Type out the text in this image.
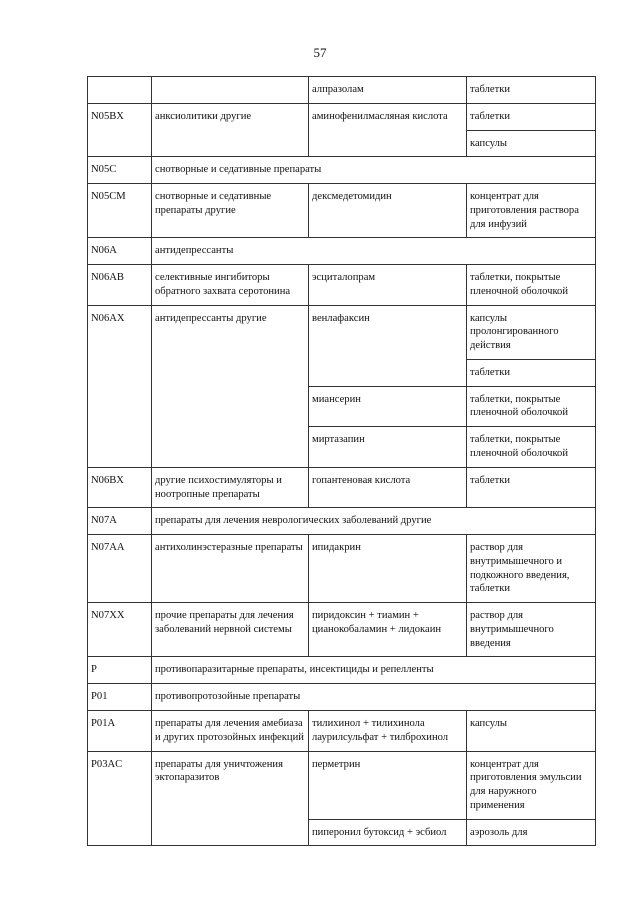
57
		алпразолам	таблетки
N05BX	анксиолитики другие	аминофенилмасляная кислота	таблетки
			капсулы
N05C	снотворные и седативные препараты		
N05CM	снотворные и седативные препараты другие	дексмедетомидин	концентрат для приготовления раствора для инфузий
N06A	антидепрессанты		
N06AB	селективные ингибиторы обратного захвата серотонина	эсциталопрам	таблетки, покрытые пленочной оболочкой
N06AX	антидепрессанты другие	венлафаксин	капсулы пролонгированного действия
			таблетки
		миансерин	таблетки, покрытые пленочной оболочкой
		миртазапин	таблетки, покрытые пленочной оболочкой
N06BX	другие психостимуляторы и ноотропные препараты	гопантеновая кислота	таблетки
N07A	препараты для лечения неврологических заболеваний другие		
N07AA	антихолинэстеразные препараты	ипидакрин	раствор для внутримышечного и подкожного введения, таблетки
N07XX	прочие препараты для лечения заболеваний нервной системы	пиридоксин + тиамин + цианокобаламин + лидокаин	раствор для внутримышечного введения
P	противопаразитарные препараты, инсектициды и репелленты		
P01	противопротозойные препараты		
P01A	препараты для лечения амебиаза и других протозойных инфекций	тилихинол + тилихинола лаурилсульфат + тилброхинол	капсулы
P03AC	препараты для уничтожения эктопаразитов	перметрин	концентрат для приготовления эмульсии для наружного применения
		пиперонил бутоксид + эсбиол	аэрозоль для
